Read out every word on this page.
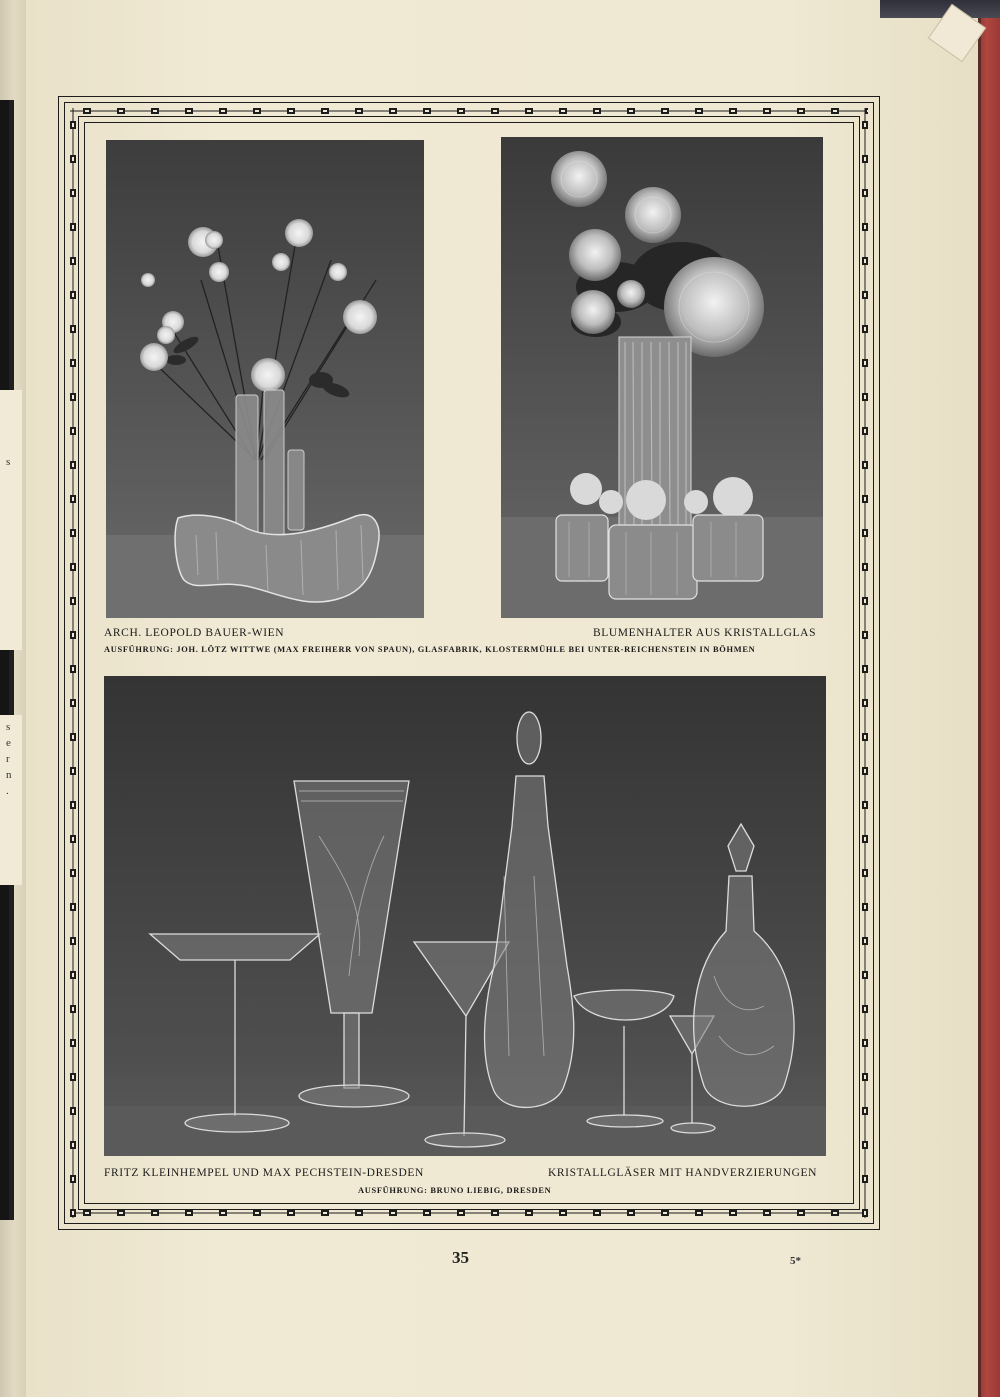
s
s
e
r
n
.
ARCH. LEOPOLD BAUER-WIEN	BLUMENHALTER AUS KRISTALLGLAS
AUSFÜHRUNG: JOH. LÖTZ WITTWE (MAX FREIHERR VON SPAUN), GLASFABRIK, KLOSTERMÜHLE BEI UNTER-REICHENSTEIN IN BÖHMEN
FRITZ KLEINHEMPEL UND MAX PECHSTEIN-DRESDEN	KRISTALLGLÄSER MIT HANDVERZIERUNGEN
AUSFÜHRUNG: BRUNO LIEBIG, DRESDEN
35	5*
